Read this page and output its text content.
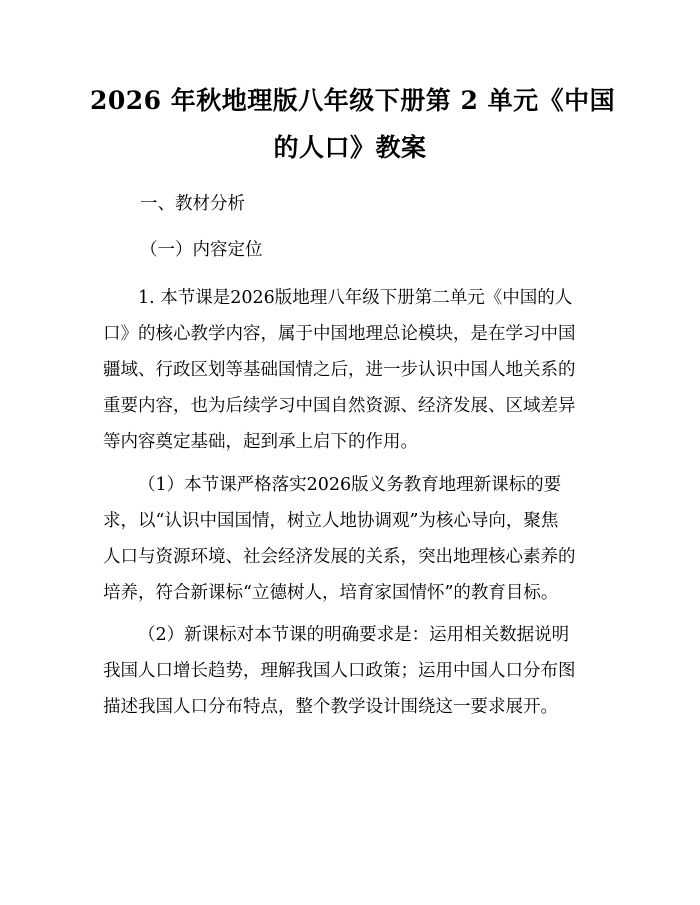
2026 年秋地理版八年级下册第 2 单元《中国
的人口》教案
一、教材分析
（一）内容定位
1. 本节课是2026版地理八年级下册第二单元《中国的人
口》的核心教学内容，属于中国地理总论模块，是在学习中国
疆域、行政区划等基础国情之后，进一步认识中国人地关系的
重要内容，也为后续学习中国自然资源、经济发展、区域差异
等内容奠定基础，起到承上启下的作用。
（1）本节课严格落实2026版义务教育地理新课标的要
求，以“认识中国国情，树立人地协调观”为核心导向，聚焦
人口与资源环境、社会经济发展的关系，突出地理核心素养的
培养，符合新课标“立德树人，培育家国情怀”的教育目标。
（2）新课标对本节课的明确要求是：运用相关数据说明
我国人口增长趋势，理解我国人口政策；运用中国人口分布图
描述我国人口分布特点，整个教学设计围绕这一要求展开。
